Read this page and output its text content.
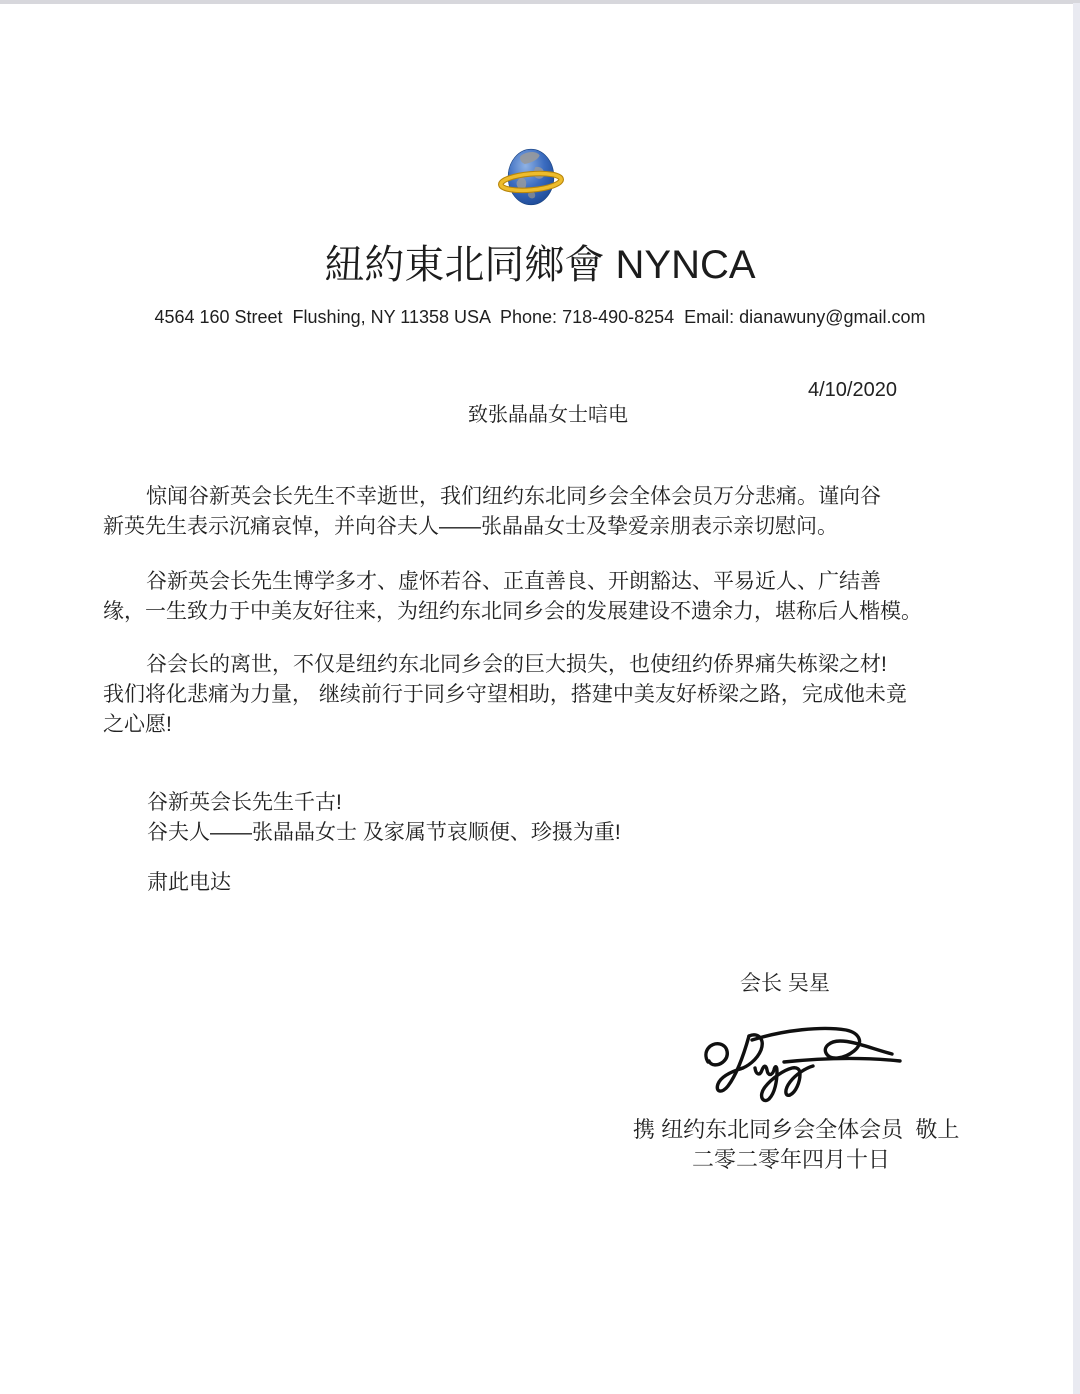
紐約東北同鄉會 NYNCA
4564 160 Street  Flushing, NY 11358 USA  Phone: 718-490-8254  Email: dianawuny@gmail.com
4/10/2020
致张晶晶女士唁电
惊闻谷新英会长先生不幸逝世，我们纽约东北同乡会全体会员万分悲痛。谨向谷
新英先生表示沉痛哀悼，并向谷夫人——张晶晶女士及挚爱亲朋表示亲切慰问。
谷新英会长先生博学多才、虚怀若谷、正直善良、开朗豁达、平易近人、广结善
缘，一生致力于中美友好往来，为纽约东北同乡会的发展建设不遗余力，堪称后人楷模。
谷会长的离世，不仅是纽约东北同乡会的巨大损失，也使纽约侨界痛失栋梁之材!
我们将化悲痛为力量， 继续前行于同乡守望相助，搭建中美友好桥梁之路，完成他未竟
之心愿!
谷新英会长先生千古!
谷夫人——张晶晶女士 及家属节哀顺便、珍摄为重!
肃此电达
会长 吴星
携 纽约东北同乡会全体会员  敬上
二零二零年四月十日
